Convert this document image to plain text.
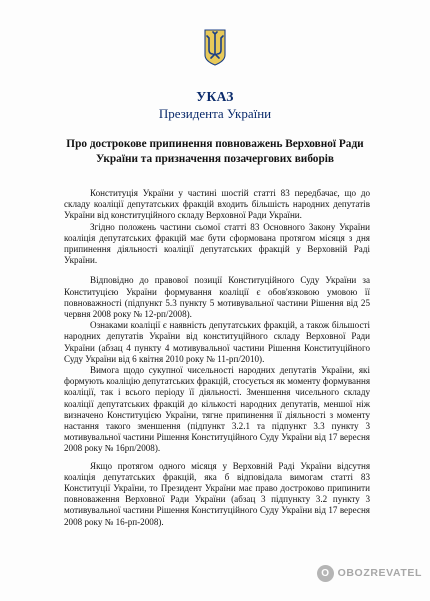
УКАЗ
Президента України
Про дострокове припинення повноважень Верховної Ради України та призначення позачергових виборів

Конституція України у частині шостій статті 83 передбачає, що до складу коаліції депутатських фракцій входить більшість народних депутатів України від конституційного складу Верховної Ради України.

Згідно положень частини сьомої статті 83 Основного Закону України коаліція депутатських фракцій має бути сформована протягом місяця з дня припинення діяльності коаліції депутатських фракцій у Верховній Раді України.

Відповідно до правової позиції Конституційного Суду України за Конституцією України формування коаліції є обов'язковою умовою її повноважності (підпункт 5.3 пункту 5 мотивувальної частини Рішення від 25 червня 2008 року № 12-рп/2008).

Ознаками коаліції є наявність депутатських фракцій, а також більшості народних депутатів України від конституційного складу Верховної Ради України (абзац 4 пункту 4 мотивувальної частини Рішення Конституційного Суду України від 6 квітня 2010 року № 11-рп/2010).

Вимога щодо сукупної чисельності народних депутатів України, які формують коаліцію депутатських фракцій, стосується як моменту формування коаліції, так і всього періоду її діяльності. Зменшення чисельного складу коаліції депутатських фракцій до кількості народних депутатів, меншої ніж визначено Конституцією України, тягне припинення її діяльності з моменту настання такого зменшення (підпункт 3.2.1 та підпункт 3.3 пункту 3 мотивувальної частини Рішення Конституційного Суду України від 17 вересня 2008 року № 16рп/2008).

Якщо протягом одного місяця у Верховній Раді України відсутня коаліція депутатських фракцій, яка б відповідала вимогам статті 83 Конституції України, то Президент України має право достроково припинити повноваження Верховної Ради України (абзац 3 підпункту 3.2 пункту 3 мотивувальної частини Рішення Конституційного Суду України від 17 вересня 2008 року № 16-рп-2008).

O OBOZREVATEL
